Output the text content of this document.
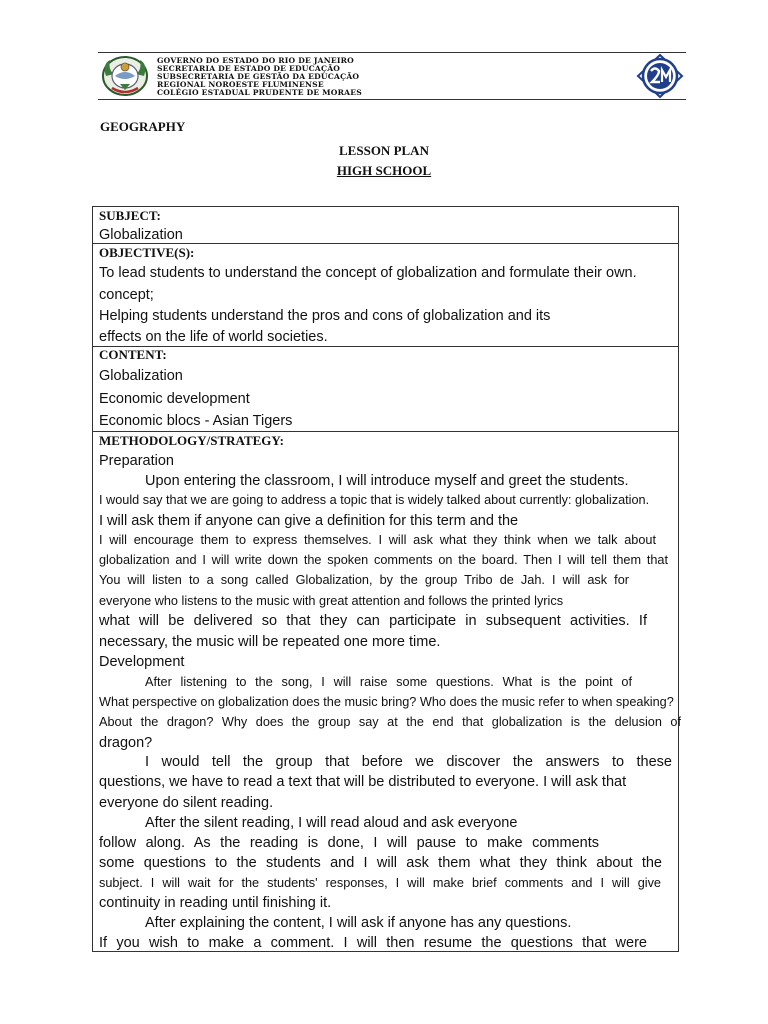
GOVERNO DO ESTADO DO RIO DE JANEIRO
SECRETARIA DE ESTADO DE EDUCAÇÃO
SUBSECRETARIA DE GESTÃO DA EDUCAÇÃO
REGIONAL NOROESTE FLUMINENSE
COLÉGIO ESTADUAL PRUDENTE DE MORAES
GEOGRAPHY
LESSON PLAN
HIGH SCHOOL
SUBJECT:
Globalization
OBJECTIVE(S):
To lead students to understand the concept of globalization and formulate their own.
concept;
Helping students understand the pros and cons of globalization and its
effects on the life of world societies.
CONTENT:
Globalization
Economic development
Economic blocs - Asian Tigers
METHODOLOGY/STRATEGY:
Preparation
Upon entering the classroom, I will introduce myself and greet the students.
I would say that we are going to address a topic that is widely talked about currently: globalization.
I will ask them if anyone can give a definition for this term and the
I will encourage them to express themselves. I will ask what they think when we talk about
globalization and I will write down the spoken comments on the board. Then I will tell them that
You will listen to a song called Globalization, by the group Tribo de Jah. I will ask for
everyone who listens to the music with great attention and follows the printed lyrics
what will be delivered so that they can participate in subsequent activities. If
necessary, the music will be repeated one more time.
Development
After listening to the song, I will raise some questions. What is the point of
What perspective on globalization does the music bring? Who does the music refer to when speaking?
About the dragon? Why does the group say at the end that globalization is the delusion of
dragon?
I would tell the group that before we discover the answers to these
questions, we have to read a text that will be distributed to everyone. I will ask that
everyone do silent reading.
After the silent reading, I will read aloud and ask everyone
follow along. As the reading is done, I will pause to make comments
some questions to the students and I will ask them what they think about the
subject. I will wait for the students' responses, I will make brief comments and I will give
continuity in reading until finishing it.
After explaining the content, I will ask if anyone has any questions.
If you wish to make a comment. I will then resume the questions that were
